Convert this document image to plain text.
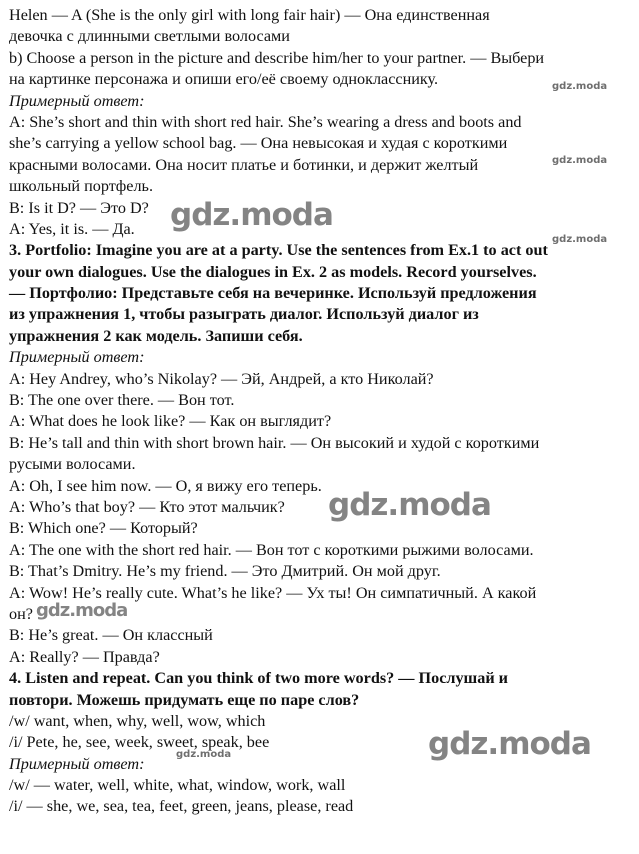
Helen — A (She is the only girl with long fair hair) — Она единственная
девочка с длинными светлыми волосами
b) Choose a person in the picture and describe him/her to your partner. — Выбери
на картинке персонажа и опиши его/её своему однокласснику.
Примерный ответ:
A: She’s short and thin with short red hair. She’s wearing a dress and boots and
she’s carrying a yellow school bag. — Она невысокая и худая с короткими
красными волосами. Она носит платье и ботинки, и держит желтый
школьный портфель.
B: Is it D? — Это D?
A: Yes, it is. — Да.
3. Portfolio: Imagine you are at a party. Use the sentences from Ex.1 to act out
your own dialogues. Use the dialogues in Ex. 2 as models. Record yourselves.
— Портфолио: Представьте себя на вечеринке. Используй предложения
из упражнения 1, чтобы разыграть диалог. Используй диалог из
упражнения 2 как модель. Запиши себя.
Примерный ответ:
A: Hey Andrey, who’s Nikolay? — Эй, Андрей, а кто Николай?
B: The one over there. — Вон тот.
A: What does he look like? — Как он выглядит?
B: He’s tall and thin with short brown hair. — Он высокий и худой с короткими
русыми волосами.
A: Oh, I see him now. — О, я вижу его теперь.
A: Who’s that boy? — Кто этот мальчик?
B: Which one? — Который?
A: The one with the short red hair. — Вон тот с короткими рыжими волосами.
B: That’s Dmitry. He’s my friend. — Это Дмитрий. Он мой друг.
A: Wow! He’s really cute. What’s he like? — Ух ты! Он симпатичный. А какой
он?
B: He’s great. — Он классный
A: Really? — Правда?
4. Listen and repeat. Can you think of two more words? — Послушай и
повтори. Можешь придумать еще по паре слов?
/w/ want, when, why, well, wow, which
/i/ Pete, he, see, week, sweet, speak, bee
Примерный ответ:
/w/ — water, well, white, what, window, work, wall
/i/ — she, we, sea, tea, feet, green, jeans, please, read
gdz.moda
gdz.moda
gdz.moda
gdz.moda
gdz.moda
gdz.moda
gdz.moda
gdz.moda
